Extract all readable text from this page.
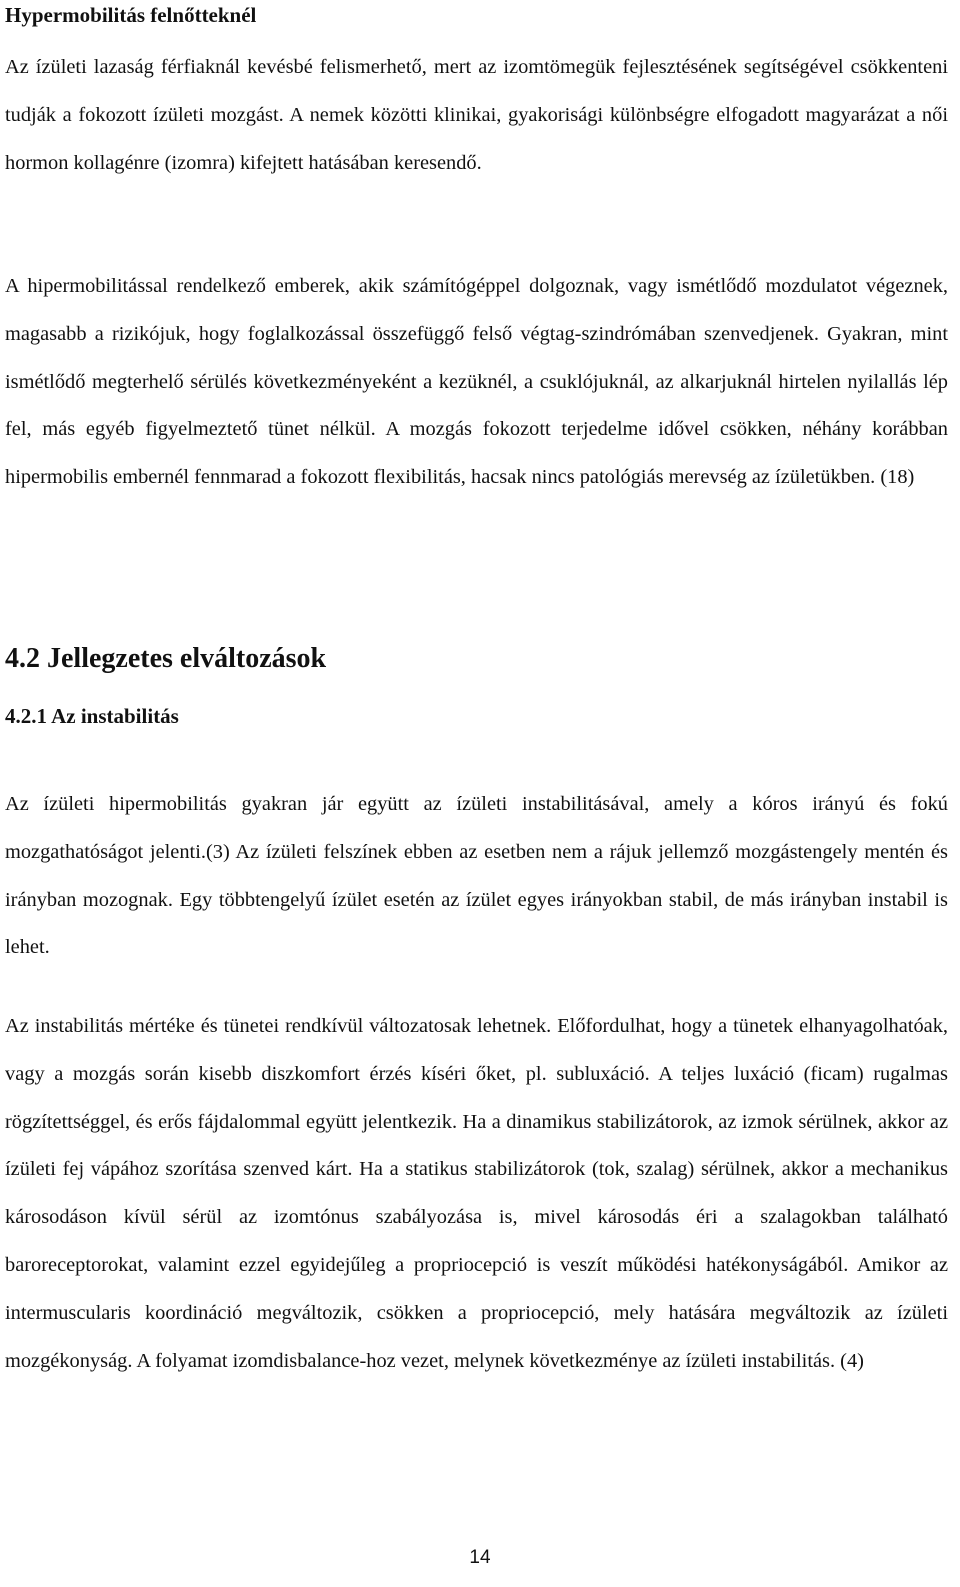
Hypermobilitás felnőtteknél

Az ízületi lazaság férfiaknál kevésbé felismerhető, mert az izomtömegük fejlesztésének segítségével csökkenteni tudják a fokozott ízületi mozgást. A nemek közötti klinikai, gyakorisági különbségre elfogadott magyarázat a női hormon kollagénre (izomra) kifejtett hatásában keresendő.

A hipermobilitással rendelkező emberek, akik számítógéppel dolgoznak, vagy ismétlődő mozdulatot végeznek, magasabb a rizikójuk, hogy foglalkozással összefüggő felső végtag-szindrómában szenvedjenek. Gyakran, mint ismétlődő megterhelő sérülés következményeként a kezüknél, a csuklójuknál, az alkarjuknál hirtelen nyilallás lép fel, más egyéb figyelmeztető tünet nélkül. A mozgás fokozott terjedelme idővel csökken, néhány korábban hipermobilis embernél fennmarad a fokozott flexibilitás, hacsak nincs patológiás merevség az ízületükben. (18)

4.2 Jellegzetes elváltozások
4.2.1 Az instabilitás

Az ízületi hipermobilitás gyakran jár együtt az ízületi instabilitásával, amely a kóros irányú és fokú mozgathatóságot jelenti.(3) Az ízületi felszínek ebben az esetben nem a rájuk jellemző mozgástengely mentén és irányban mozognak. Egy többtengelyű ízület esetén az ízület egyes irányokban stabil, de más irányban instabil is lehet.

Az instabilitás mértéke és tünetei rendkívül változatosak lehetnek. Előfordulhat, hogy a tünetek elhanyagolhatóak, vagy a mozgás során kisebb diszkomfort érzés kíséri őket, pl. subluxáció. A teljes luxáció (ficam) rugalmas rögzítettséggel, és erős fájdalommal együtt jelentkezik. Ha a dinamikus stabilizátorok, az izmok sérülnek, akkor az ízületi fej vápához szorítása szenved kárt. Ha a statikus stabilizátorok (tok, szalag) sérülnek, akkor a mechanikus károsodáson kívül sérül az izomtónus szabályozása is, mivel károsodás éri a szalagokban található baroreceptorokat, valamint ezzel egyidejűleg a propriocepció is veszít működési hatékonyságából. Amikor az intermuscularis koordináció megváltozik, csökken a propriocepció, mely hatására megváltozik az ízületi mozgékonyság. A folyamat izomdisbalance-hoz vezet, melynek következménye az ízületi instabilitás. (4)

14
